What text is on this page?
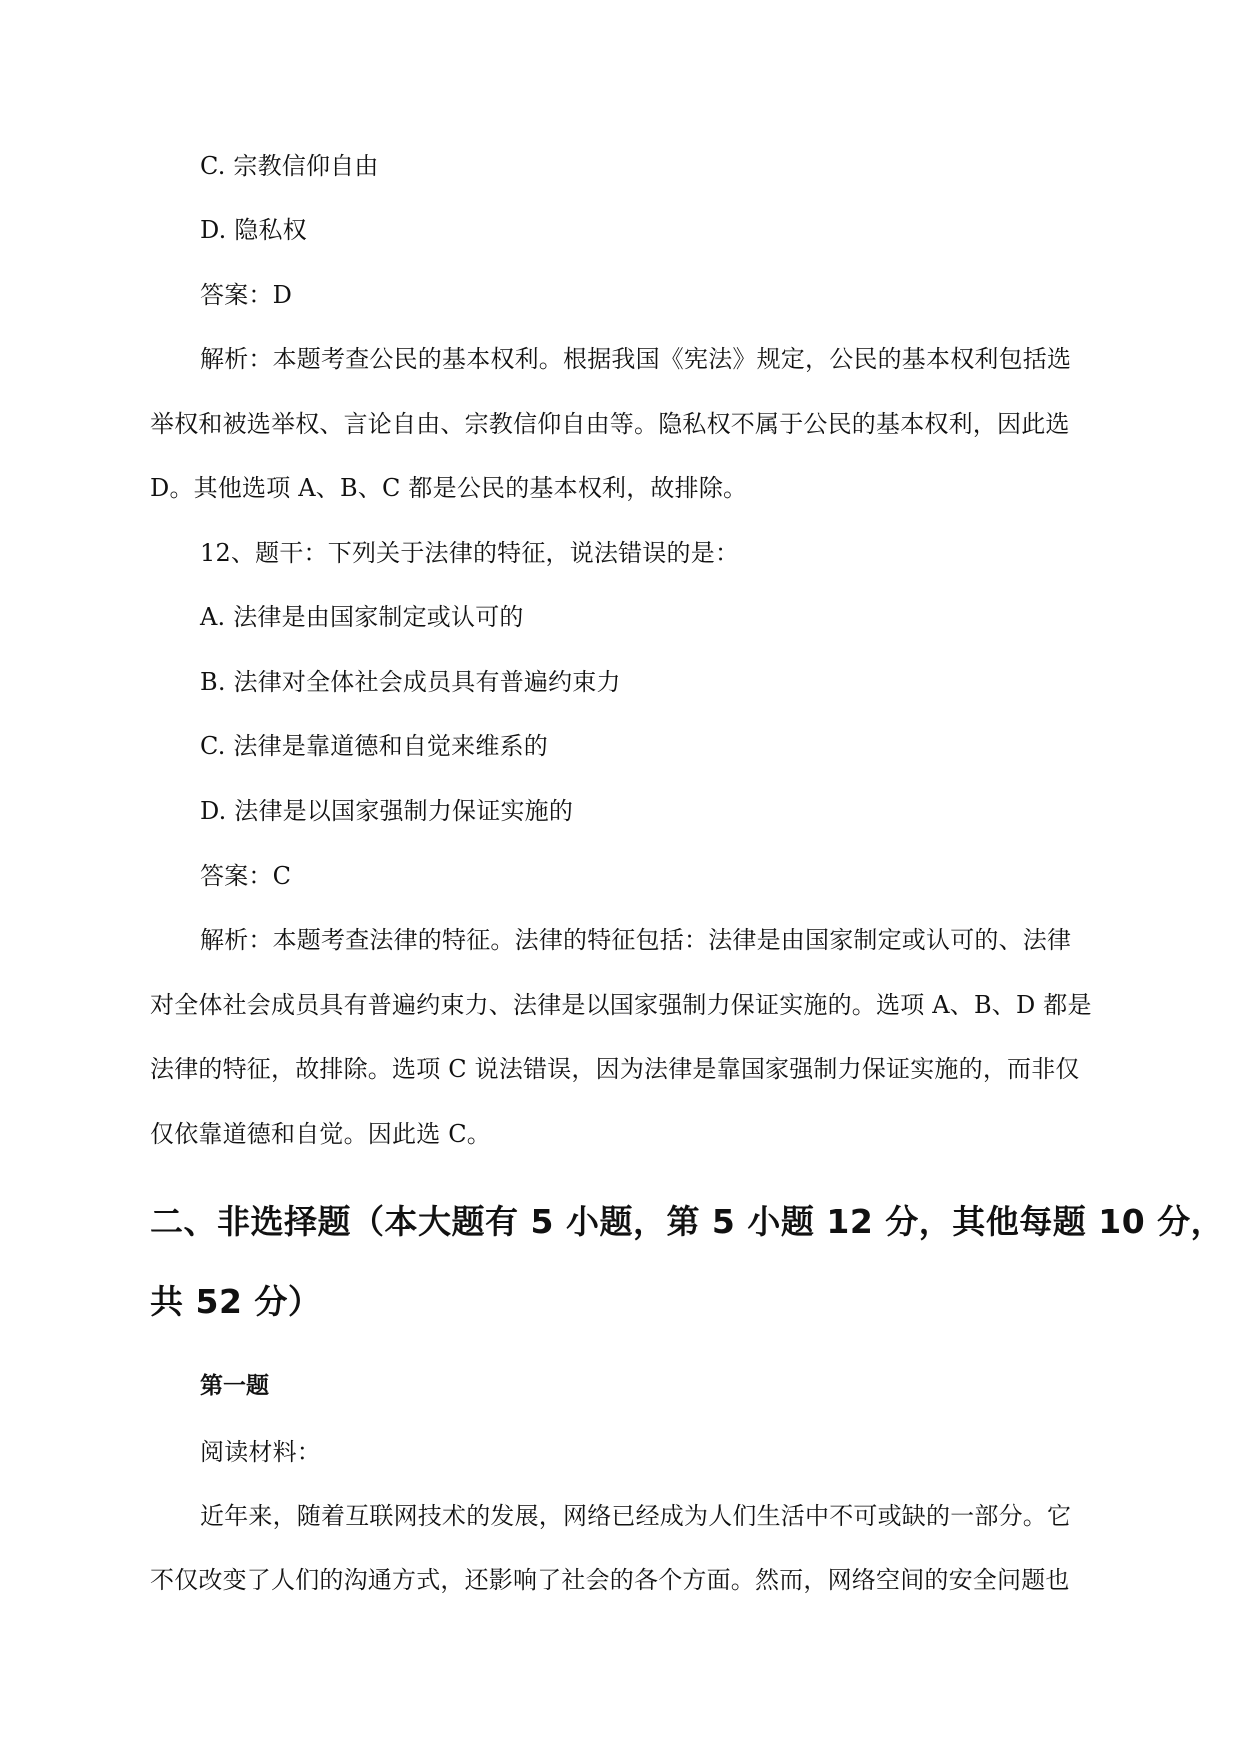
C. 宗教信仰自由
D. 隐私权
答案：D
解析：本题考查公民的基本权利。根据我国《宪法》规定，公民的基本权利包括选
举权和被选举权、言论自由、宗教信仰自由等。隐私权不属于公民的基本权利，因此选
D。其他选项 A、B、C 都是公民的基本权利，故排除。
12、题干：下列关于法律的特征，说法错误的是：
A. 法律是由国家制定或认可的
B. 法律对全体社会成员具有普遍约束力
C. 法律是靠道德和自觉来维系的
D. 法律是以国家强制力保证实施的
答案：C
解析：本题考查法律的特征。法律的特征包括：法律是由国家制定或认可的、法律
对全体社会成员具有普遍约束力、法律是以国家强制力保证实施的。选项 A、B、D 都是
法律的特征，故排除。选项 C 说法错误，因为法律是靠国家强制力保证实施的，而非仅
仅依靠道德和自觉。因此选 C。
二、非选择题（本大题有 5 小题，第 5 小题 12 分，其他每题 10 分，
共 52 分）
第一题
阅读材料：
近年来，随着互联网技术的发展，网络已经成为人们生活中不可或缺的一部分。它
不仅改变了人们的沟通方式，还影响了社会的各个方面。然而，网络空间的安全问题也
